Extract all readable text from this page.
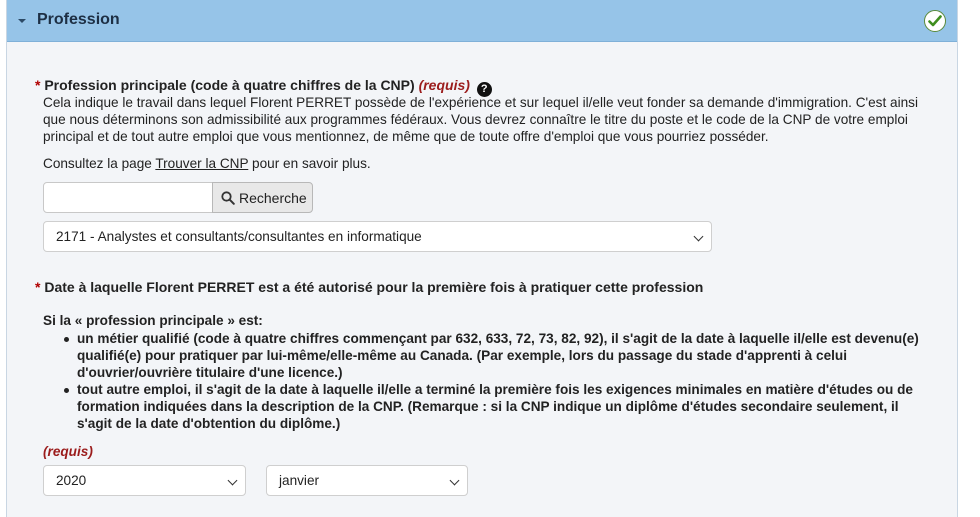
Profession
* Profession principale (code à quatre chiffres de la CNP) (requis) ?
Cela indique le travail dans lequel Florent PERRET possède de l'expérience et sur lequel il/elle veut fonder sa demande d'immigration. C'est ainsi que nous déterminons son admissibilité aux programmes fédéraux. Vous devrez connaître le titre du poste et le code de la CNP de votre emploi principal et de tout autre emploi que vous mentionnez, de même que de toute offre d'emploi que vous pourriez posséder.
Consultez la page Trouver la CNP pour en savoir plus.
Recherche
2171 - Analystes et consultants/consultantes en informatique
* Date à laquelle Florent PERRET est a été autorisé pour la première fois à pratiquer cette profession
Si la « profession principale » est:
un métier qualifié (code à quatre chiffres commençant par 632, 633, 72, 73, 82, 92), il s'agit de la date à laquelle il/elle est devenu(e) qualifié(e) pour pratiquer par lui-même/elle-même au Canada. (Par exemple, lors du passage du stade d'apprenti à celui d'ouvrier/ouvrière titulaire d'une licence.)
tout autre emploi, il s'agit de la date à laquelle il/elle a terminé la première fois les exigences minimales en matière d'études ou de formation indiquées dans la description de la CNP. (Remarque : si la CNP indique un diplôme d'études secondaire seulement, il s'agit de la date d'obtention du diplôme.)
(requis)
2020	janvier
